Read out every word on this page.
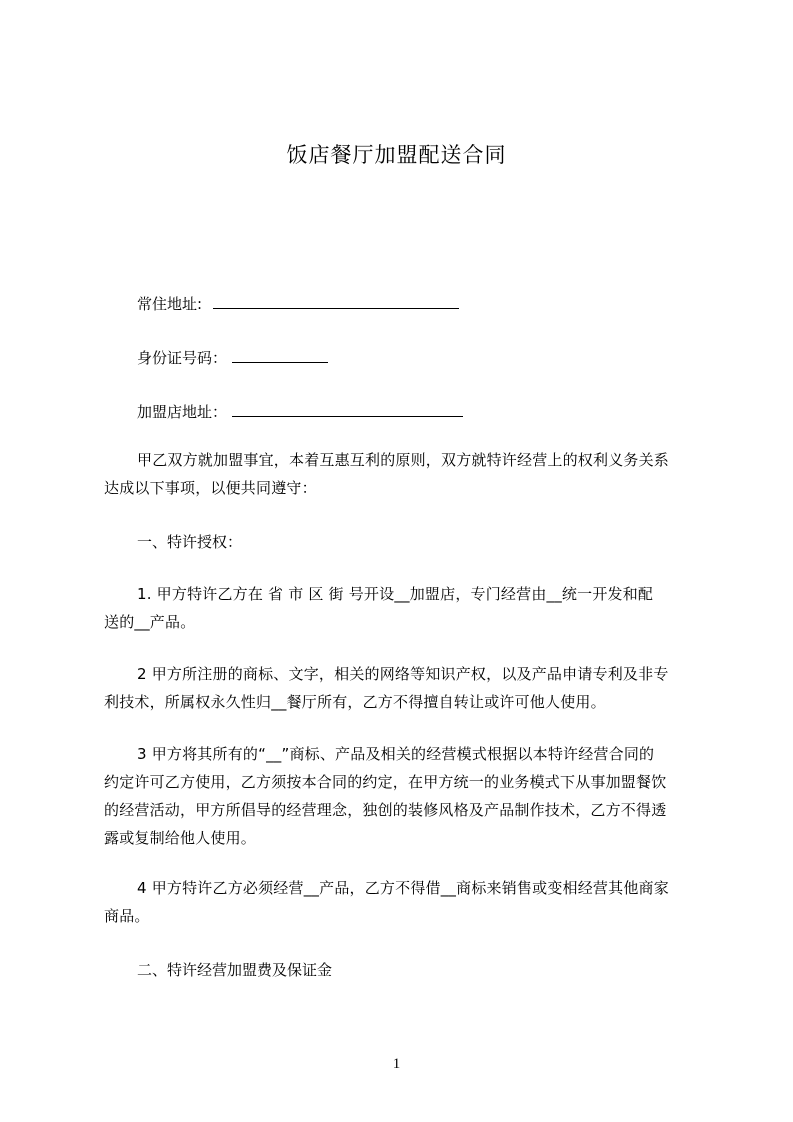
饭店餐厅加盟配送合同
常住地址:
身份证号码：
加盟店地址：
甲乙双方就加盟事宜，本着互惠互利的原则，双方就特许经营上的权利义务关系
达成以下事项，以便共同遵守：
一、特许授权：
1. 甲方特许乙方在 省 市 区 街 号开设__加盟店，专门经营由__统一开发和配
送的__产品。
2 甲方所注册的商标、文字，相关的网络等知识产权，以及产品申请专利及非专
利技术，所属权永久性归__餐厅所有，乙方不得擅自转让或许可他人使用。
3 甲方将其所有的“__”商标、产品及相关的经营模式根据以本特许经营合同的
约定许可乙方使用，乙方须按本合同的约定，在甲方统一的业务模式下从事加盟餐饮
的经营活动，甲方所倡导的经营理念，独创的装修风格及产品制作技术，乙方不得透
露或复制给他人使用。
4 甲方特许乙方必须经营__产品，乙方不得借__商标来销售或变相经营其他商家
商品。
二、特许经营加盟费及保证金
1
